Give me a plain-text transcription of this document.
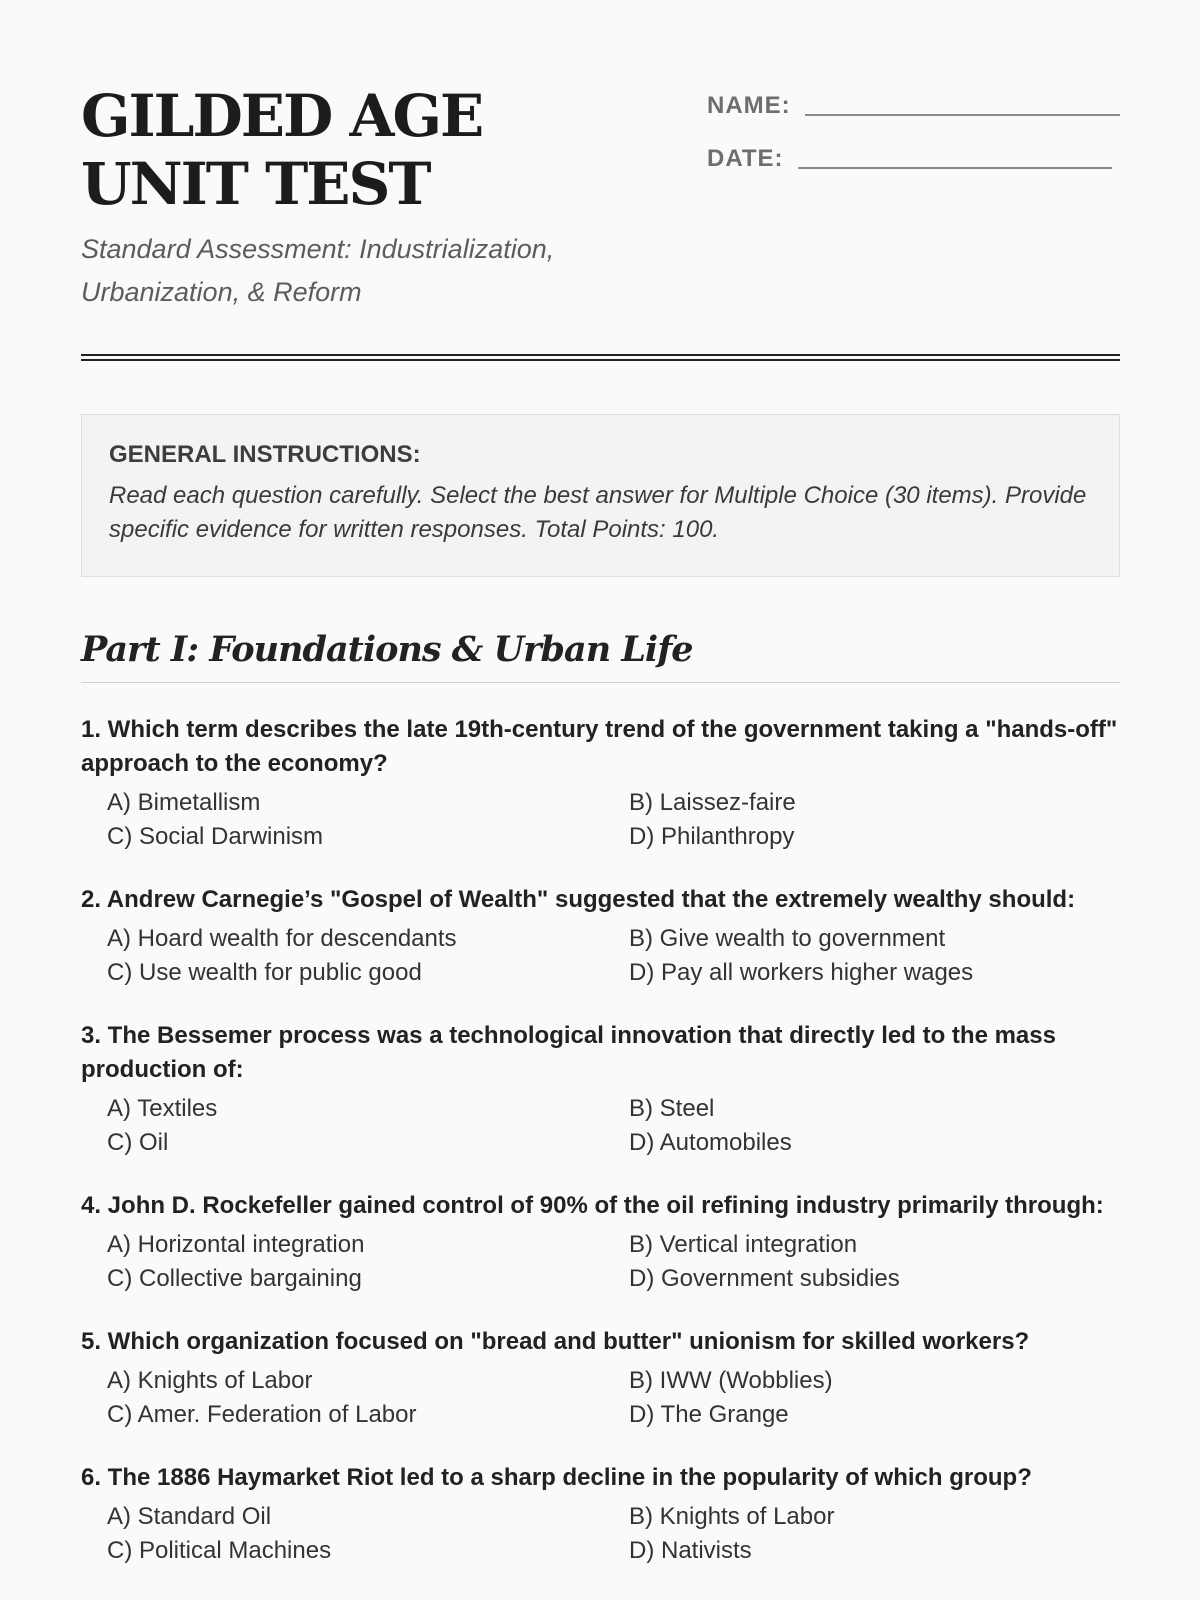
GILDED AGE UNIT TEST

Standard Assessment: Industrialization, Urbanization, & Reform

NAME:
DATE:

GENERAL INSTRUCTIONS:

Read each question carefully. Select the best answer for Multiple Choice (30 items). Provide specific evidence for written responses. Total Points: 100.

Part I: Foundations & Urban Life

1. Which term describes the late 19th-century trend of the government taking a "hands-off" approach to the economy?

A) Bimetallism	B) Laissez-faire
C) Social Darwinism	D) Philanthropy

2. Andrew Carnegie’s "Gospel of Wealth" suggested that the extremely wealthy should:

A) Hoard wealth for descendants	B) Give wealth to government
C) Use wealth for public good	D) Pay all workers higher wages

3. The Bessemer process was a technological innovation that directly led to the mass production of:

A) Textiles	B) Steel
C) Oil	D) Automobiles

4. John D. Rockefeller gained control of 90% of the oil refining industry primarily through:

A) Horizontal integration	B) Vertical integration
C) Collective bargaining	D) Government subsidies

5. Which organization focused on "bread and butter" unionism for skilled workers?

A) Knights of Labor	B) IWW (Wobblies)
C) Amer. Federation of Labor	D) The Grange

6. The 1886 Haymarket Riot led to a sharp decline in the popularity of which group?

A) Standard Oil	B) Knights of Labor
C) Political Machines	D) Nativists
